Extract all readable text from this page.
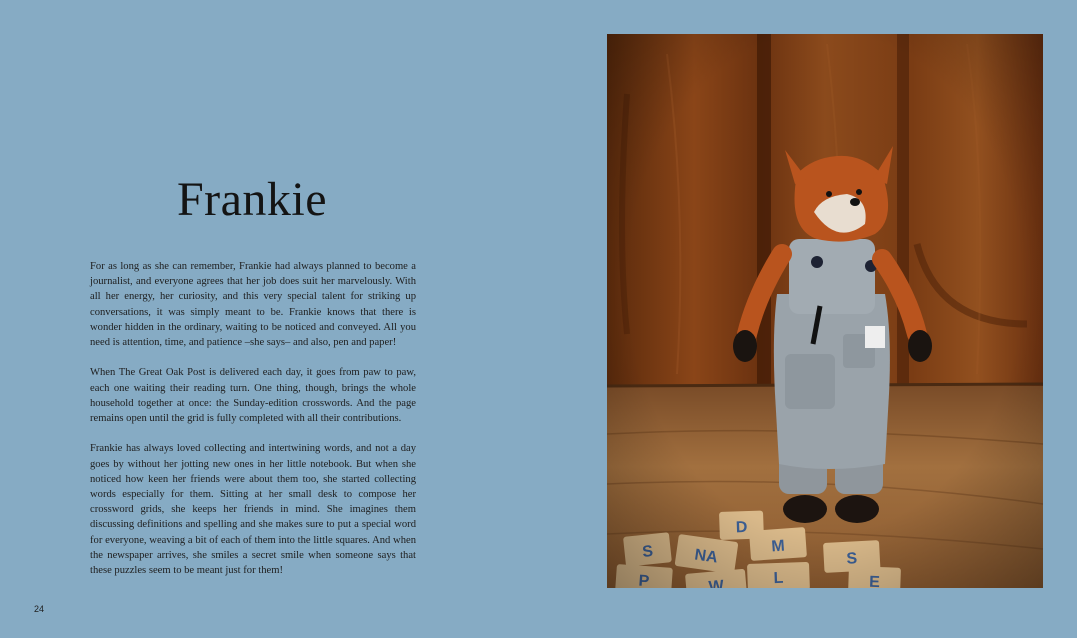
Frankie

For as long as she can remember, Frankie had always planned to become a journalist, and everyone agrees that her job does suit her marvelously. With all her energy, her curiosity, and this very special talent for striking up conversations, it was simply meant to be. Frankie knows that there is wonder hidden in the ordinary, waiting to be noticed and conveyed. All you need is attention, time, and patience –she says– and also, pen and paper!

When The Great Oak Post is delivered each day, it goes from paw to paw, each one waiting their reading turn. One thing, though, brings the whole household together at once: the Sunday-edition crosswords. And the page remains open until the grid is fully completed with all their contributions.

Frankie has always loved collecting and intertwining words, and not a day goes by without her jotting new ones in her little notebook. But when she noticed how keen her friends were about them too, she started collecting words especially for them. Sitting at her small desk to compose her crossword grids, she keeps her friends in mind. She imagines them discussing definitions and spelling and she makes sure to put a special word for everyone, weaving a bit of each of them into the little squares. And when the newspaper arrives, she smiles a secret smile when someone says that these puzzles seem to be meant just for them!

24
